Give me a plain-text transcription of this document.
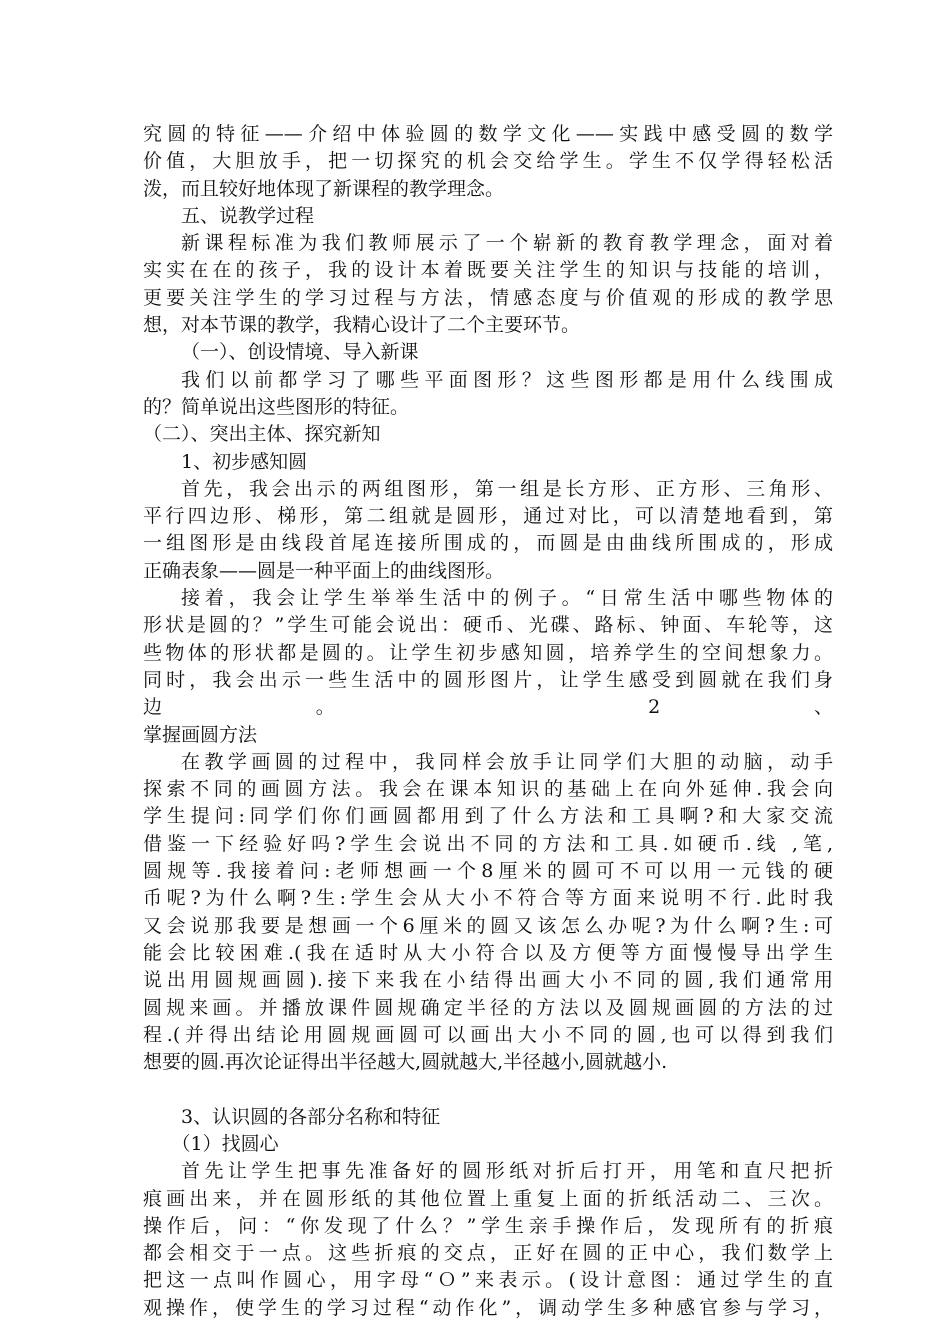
究圆的特征——介绍中体验圆的数学文化——实践中感受圆的数学
价值，大胆放手，把一切探究的机会交给学生。学生不仅学得轻松活
泼，而且较好地体现了新课程的教学理念。
五、说教学过程
新课程标准为我们教师展示了一个崭新的教育教学理念，面对着
实实在在的孩子，我的设计本着既要关注学生的知识与技能的培训，
更要关注学生的学习过程与方法，情感态度与价值观的形成的教学思
想，对本节课的教学，我精心设计了二个主要环节。
（一）、创设情境、导入新课
我们以前都学习了哪些平面图形？这些图形都是用什么线围成
的？简单说出这些图形的特征。
（二）、突出主体、探究新知
1、初步感知圆
首先，我会出示的两组图形，第一组是长方形、正方形、三角形、
平行四边形、梯形，第二组就是圆形，通过对比，可以清楚地看到，第
一组图形是由线段首尾连接所围成的，而圆是由曲线所围成的，形成
正确表象——圆是一种平面上的曲线图形。
接着，我会让学生举举生活中的例子。“日常生活中哪些物体的
形状是圆的？”学生可能会说出：硬币、光碟、路标、钟面、车轮等，这
些物体的形状都是圆的。让学生初步感知圆，培养学生的空间想象力。
同时，我会出示一些生活中的圆形图片，让学生感受到圆就在我们身
边。 2、
掌握画圆方法
在教学画圆的过程中，我同样会放手让同学们大胆的动脑，动手
探索不同的画圆方法。我会在课本知识的基础上在向外延伸.我会向
学生提问:同学们你们画圆都用到了什么方法和工具啊?和大家交流
借鉴一下经验好吗?学生会说出不同的方法和工具.如硬币.线 ,笔,
圆规等.我接着问:老师想画一个8厘米的圆可不可以用一元钱的硬
币呢?为什么啊?生:学生会从大小不符合等方面来说明不行.此时我
又会说那我要是想画一个6厘米的圆又该怎么办呢?为什么啊?生:可
能会比较困难.(我在适时从大小符合以及方便等方面慢慢导出学生
说出用圆规画圆).接下来我在小结得出画大小不同的圆,我们通常用
圆规来画。并播放课件圆规确定半径的方法以及圆规画圆的方法的过
程.(并得出结论用圆规画圆可以画出大小不同的圆,也可以得到我们
想要的圆.再次论证得出半径越大,圆就越大,半径越小,圆就越小.
3、认识圆的各部分名称和特征
（1）找圆心
首先让学生把事先准备好的圆形纸对折后打开，用笔和直尺把折
痕画出来，并在圆形纸的其他位置上重复上面的折纸活动二、三次。
操作后，问：“你发现了什么？”学生亲手操作后，发现所有的折痕
都会相交于一点。这些折痕的交点，正好在圆的正中心，我们数学上
把这一点叫作圆心，用字母“Ｏ”来表示。(设计意图：通过学生的直
观操作，使学生的学习过程“动作化”，调动学生多种感官参与学习，
